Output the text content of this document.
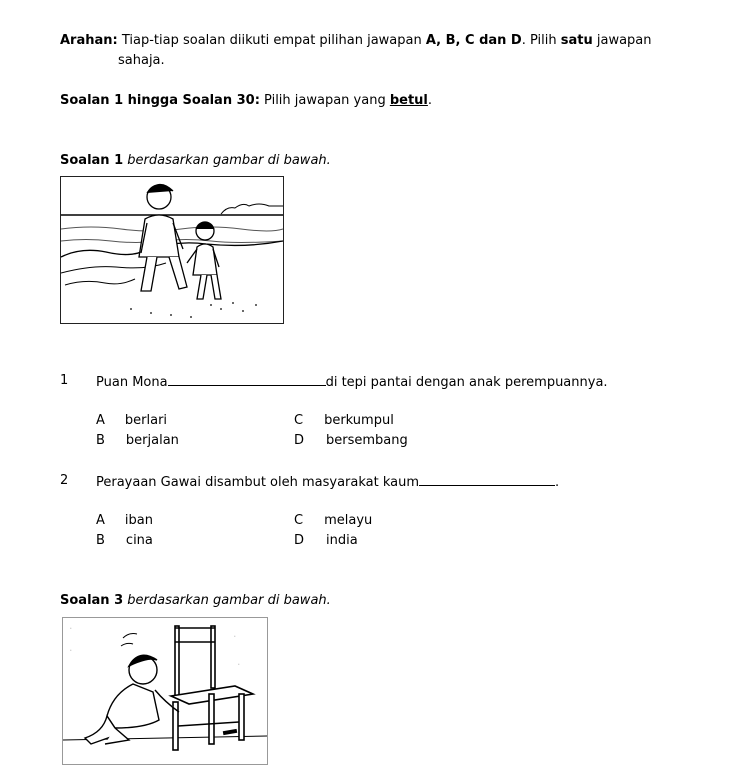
Arahan: Tiap-tiap soalan diikuti empat pilihan jawapan A, B, C dan D. Pilih satu jawapan
sahaja.
Soalan 1 hingga Soalan 30: Pilih jawapan yang betul.
Soalan 1 berdasarkan gambar di bawah.
1 Puan Mona	di tepi pantai dengan anak perempuannya.
A berlari
B berjalan
C berkumpul
D bersembang
2 Perayaan Gawai disambut oleh masyarakat kaum	.
A iban
B cina
C melayu
D india
Soalan 3 berdasarkan gambar di bawah.
·
·
·
·
